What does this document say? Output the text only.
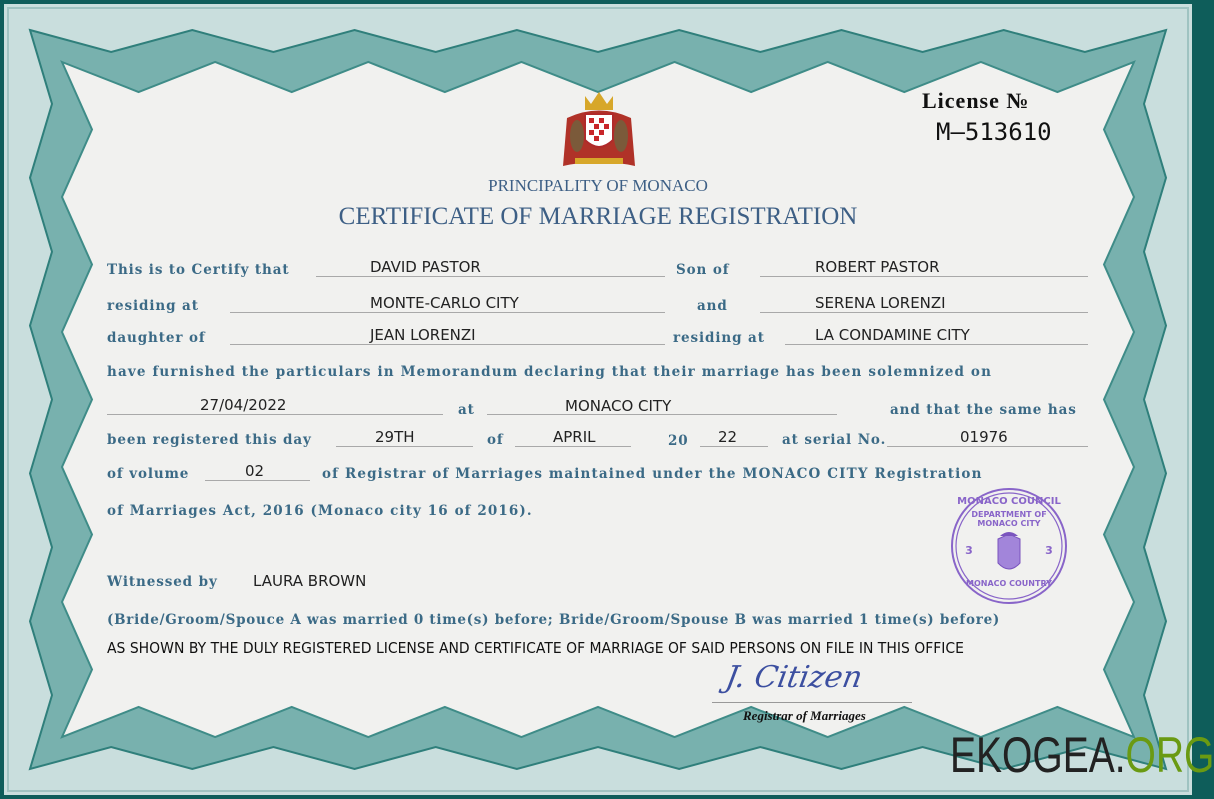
License №
M–513610
PRINCIPALITY OF MONACO
CERTIFICATE OF MARRIAGE REGISTRATION
This is to Certify that	DAVID PASTOR	Son of	ROBERT PASTOR
residing at	MONTE-CARLO CITY	and	SERENA LORENZI
daughter of	JEAN LORENZI	residing at	LA CONDAMINE CITY
have furnished the particulars in Memorandum declaring that their marriage has been solemnized on
27/04/2022	at	MONACO CITY	and that the same has
been registered this day	29TH	of	APRIL	20 22	at serial No.	01976
of volume	02	of Registrar of Marriages maintained under the MONACO CITY Registration
of Marriages Act, 2016 (Monaco city 16 of 2016).
Witnessed by LAURA BROWN
(Bride/Groom/Spouce A was married 0 time(s) before; Bride/Groom/Spouse B was married 1 time(s) before)
AS SHOWN BY THE DULY REGISTERED LICENSE AND CERTIFICATE OF MARRIAGE OF SAID PERSONS ON FILE IN THIS OFFICE
MONACO COUNCIL
DEPARTMENT OF MONACO CITY
3	3
MONACO COUNTRY
J. Citizen
Registrar of Marriages
EKOGEA.ORG
